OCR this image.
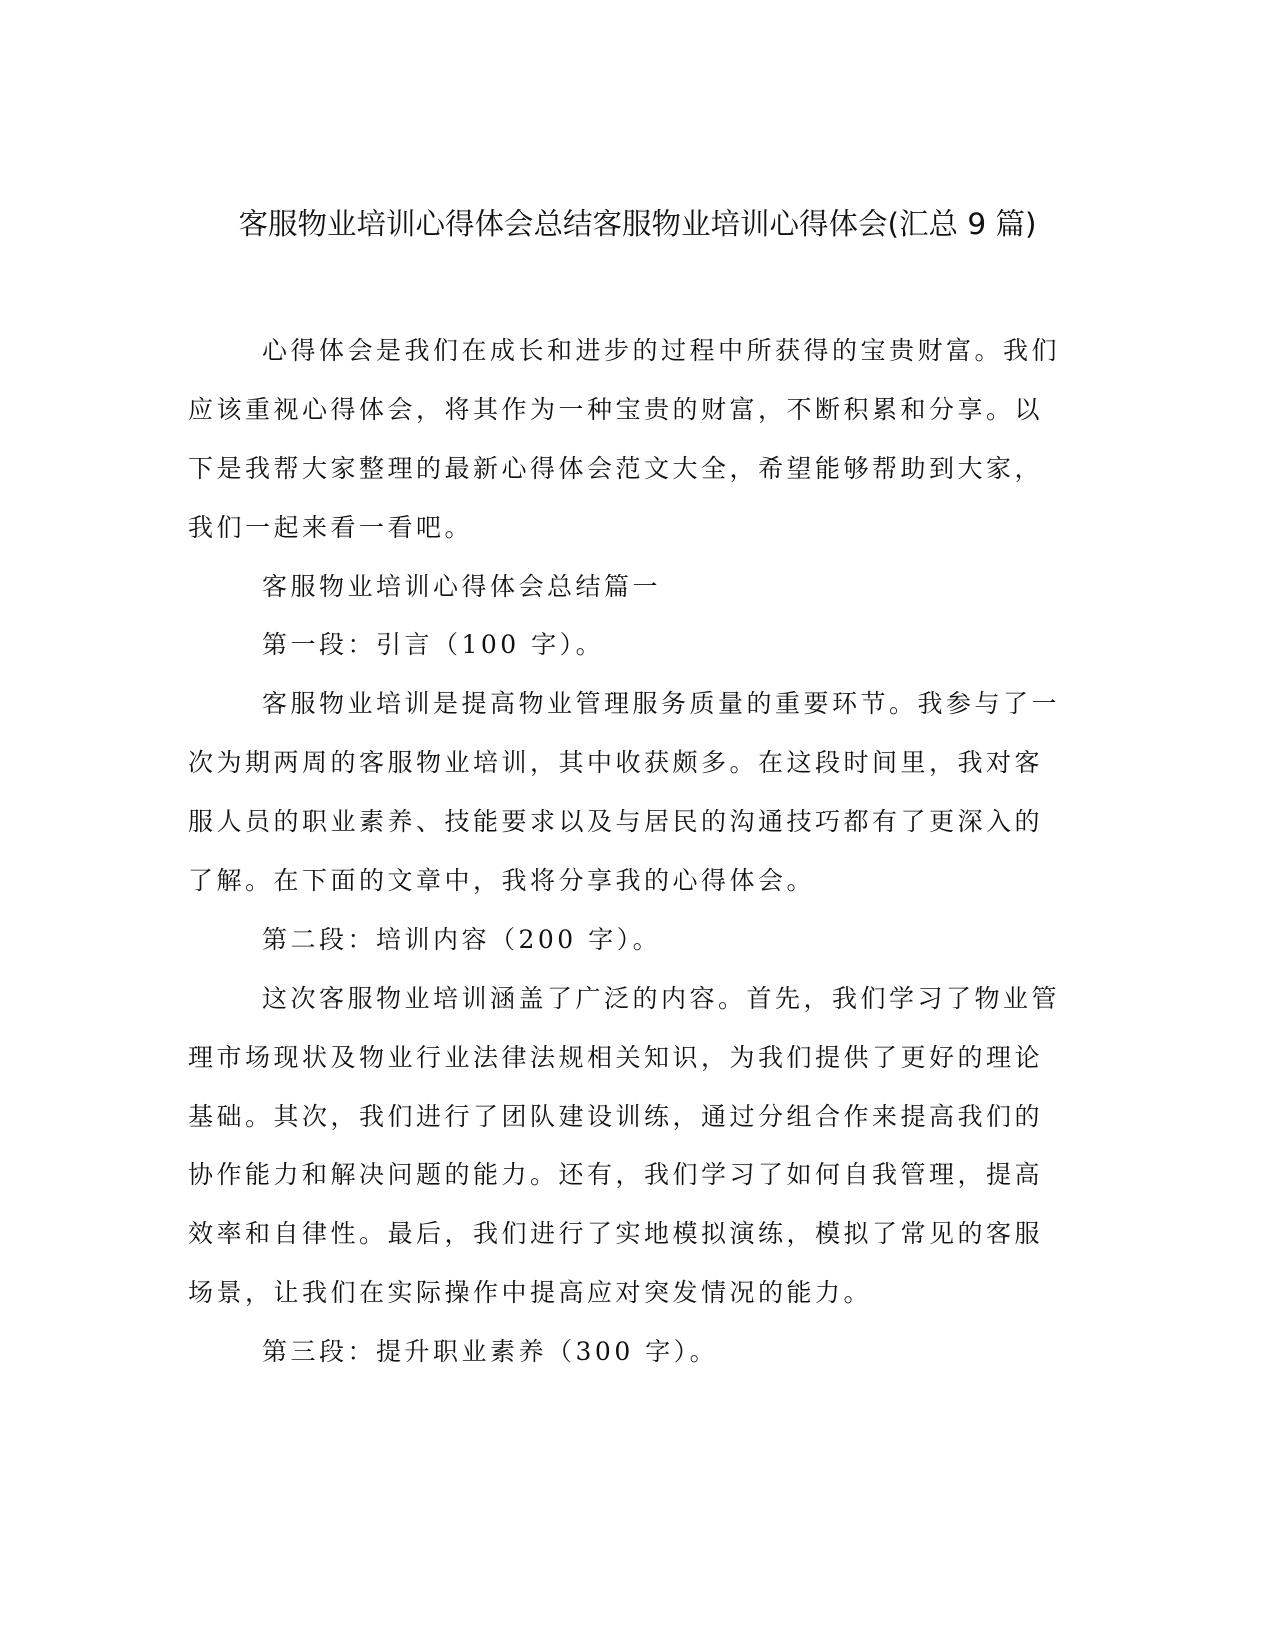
客服物业培训心得体会总结客服物业培训心得体会(汇总 9 篇)

心得体会是我们在成长和进步的过程中所获得的宝贵财富。我们

应该重视心得体会，将其作为一种宝贵的财富，不断积累和分享。以

下是我帮大家整理的最新心得体会范文大全，希望能够帮助到大家，

我们一起来看一看吧。

客服物业培训心得体会总结篇一

第一段：引言（100 字）。

客服物业培训是提高物业管理服务质量的重要环节。我参与了一

次为期两周的客服物业培训，其中收获颇多。在这段时间里，我对客

服人员的职业素养、技能要求以及与居民的沟通技巧都有了更深入的

了解。在下面的文章中，我将分享我的心得体会。

第二段：培训内容（200 字）。

这次客服物业培训涵盖了广泛的内容。首先，我们学习了物业管

理市场现状及物业行业法律法规相关知识，为我们提供了更好的理论

基础。其次，我们进行了团队建设训练，通过分组合作来提高我们的

协作能力和解决问题的能力。还有，我们学习了如何自我管理，提高

效率和自律性。最后，我们进行了实地模拟演练，模拟了常见的客服

场景，让我们在实际操作中提高应对突发情况的能力。

第三段：提升职业素养（300 字）。
